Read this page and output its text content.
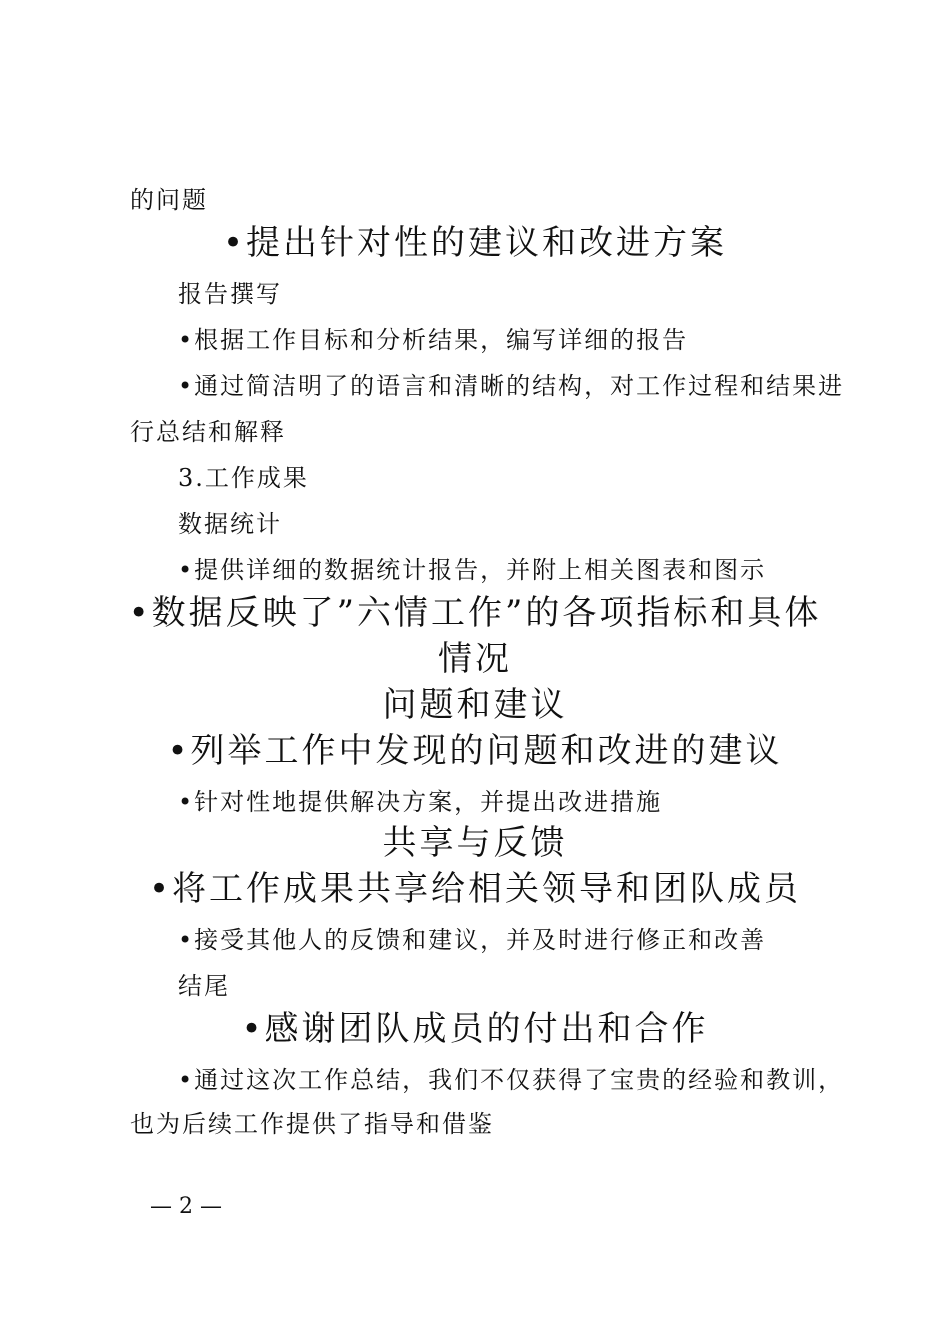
的问题
•提出针对性的建议和改进方案
报告撰写
•根据工作目标和分析结果，编写详细的报告
•通过简洁明了的语言和清晰的结构，对工作过程和结果进
行总结和解释
3.工作成果
数据统计
•提供详细的数据统计报告，并附上相关图表和图示
•数据反映了”六情工作”的各项指标和具体
情况
问题和建议
•列举工作中发现的问题和改进的建议
•针对性地提供解决方案，并提出改进措施
共享与反馈
•将工作成果共享给相关领导和团队成员
•接受其他人的反馈和建议，并及时进行修正和改善
结尾
•感谢团队成员的付出和合作
•通过这次工作总结，我们不仅获得了宝贵的经验和教训，
也为后续工作提供了指导和借鉴
— 2 —
